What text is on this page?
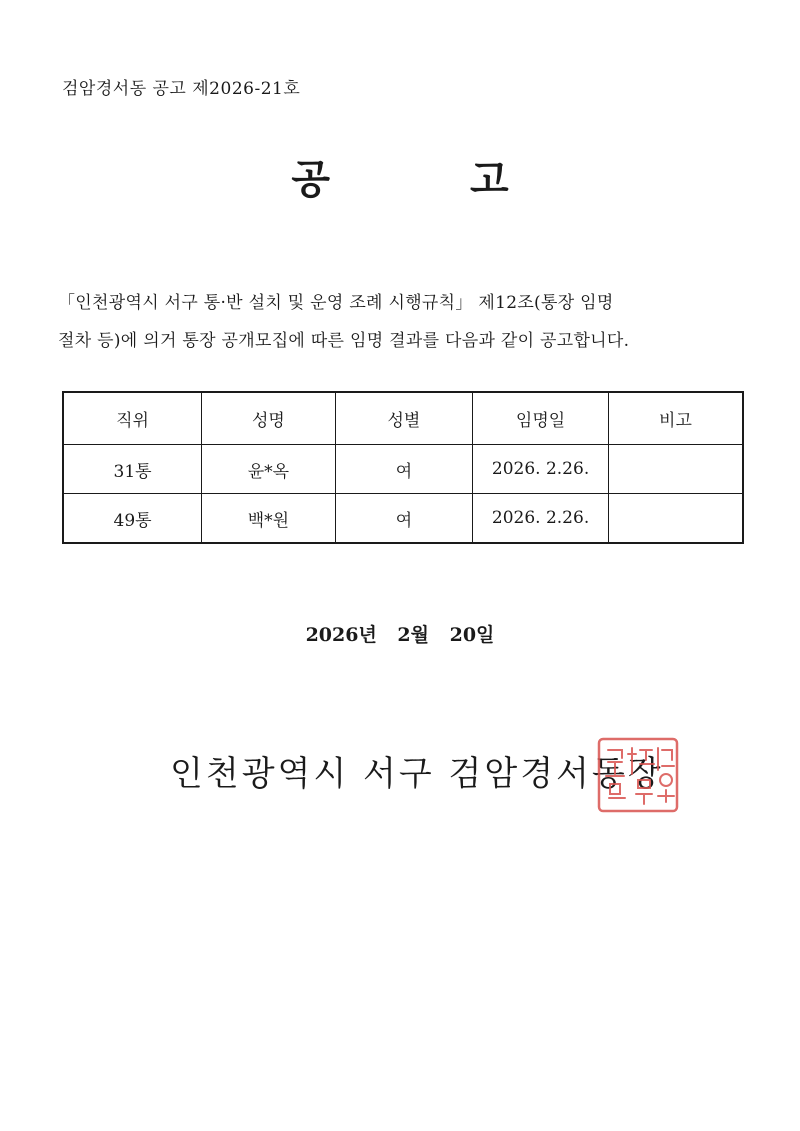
검암경서동 공고 제2026-21호
공	고
「인천광역시 서구 통·반 설치 및 운영 조례 시행규칙」 제12조(통장 임명
절차 등)에 의거 통장 공개모집에 따른 임명 결과를 다음과 같이 공고합니다.
직위	성명	성별	임명일	비고
31통	윤*옥	여	2026. 2.26.	
49통	백*원	여	2026. 2.26.	
2026년 2월 20일
인천광역시 서구 검암경서동장
